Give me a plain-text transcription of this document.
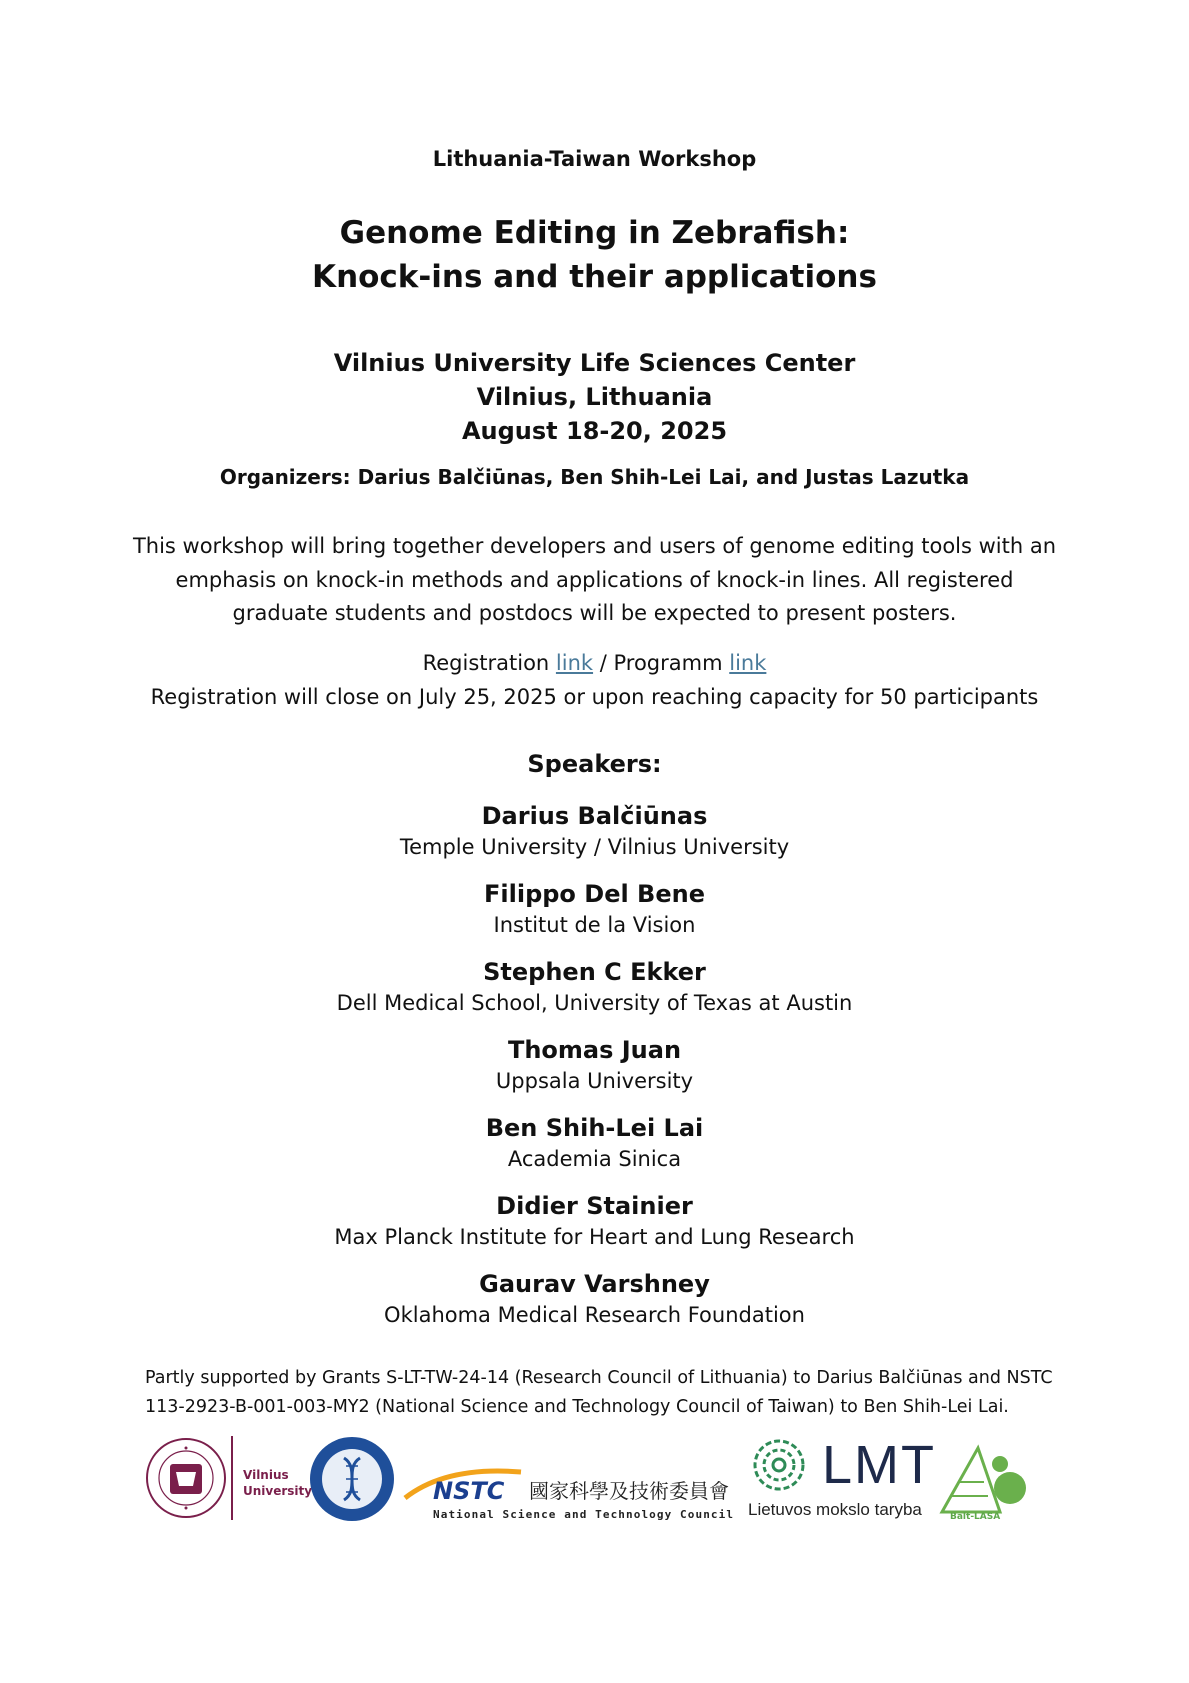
Lithuania-Taiwan Workshop
Genome Editing in Zebrafish:
Knock-ins and their applications
Vilnius University Life Sciences Center
Vilnius, Lithuania
August 18-20, 2025
Organizers: Darius Balčiūnas, Ben Shih-Lei Lai, and Justas Lazutka
This workshop will bring together developers and users of genome editing tools with an
emphasis on knock-in methods and applications of knock-in lines. All registered
graduate students and postdocs will be expected to present posters.
Registration link / Programm link
Registration will close on July 25, 2025 or upon reaching capacity for 50 participants
Speakers:
Darius Balčiūnas
Temple University / Vilnius University
Filippo Del Bene
Institut de la Vision
Stephen C Ekker
Dell Medical School, University of Texas at Austin
Thomas Juan
Uppsala University
Ben Shih-Lei Lai
Academia Sinica
Didier Stainier
Max Planck Institute for Heart and Lung Research
Gaurav Varshney
Oklahoma Medical Research Foundation
Partly supported by Grants S-LT-TW-24-14 (Research Council of Lithuania) to Darius Balčiūnas and NSTC
113-2923-B-001-003-MY2 (National Science and Technology Council of Taiwan) to Ben Shih-Lei Lai.
Vilnius
University	NSTC 國家科學及技術委員會
National Science and Technology Council
LMT
Lietuvos mokslo taryba	Balt-LASA
